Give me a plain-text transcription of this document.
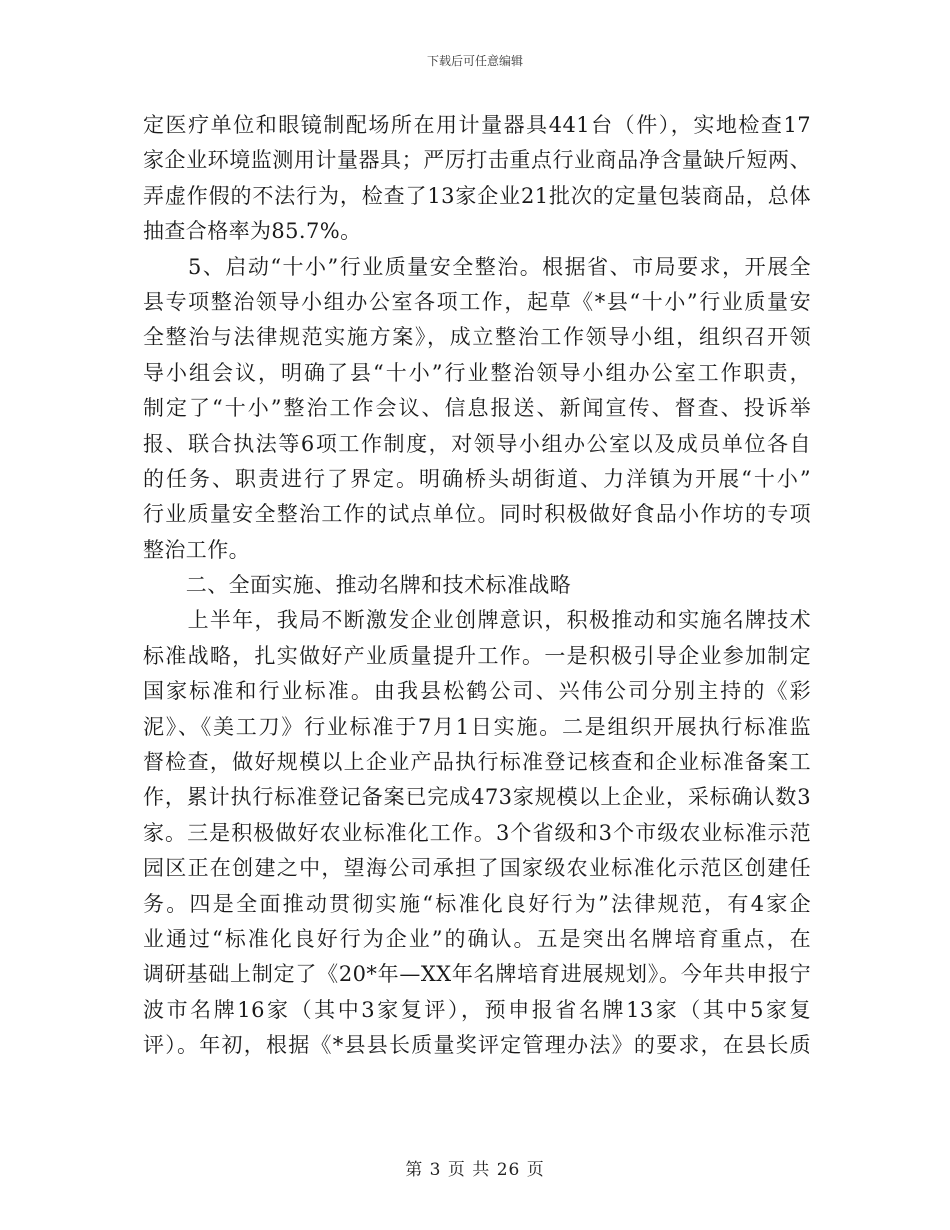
下载后可任意编辑
定医疗单位和眼镜制配场所在用计量器具441台（件），实地检查17
家企业环境监测用计量器具；严厉打击重点行业商品净含量缺斤短两、
弄虚作假的不法行为，检查了13家企业21批次的定量包装商品，总体
抽查合格率为85.7%。
　　5、启动“十小”行业质量安全整治。根据省、市局要求，开展全
县专项整治领导小组办公室各项工作，起草《*县“十小”行业质量安
全整治与法律规范实施方案》，成立整治工作领导小组，组织召开领
导小组会议，明确了县“十小”行业整治领导小组办公室工作职责，
制定了“十小”整治工作会议、信息报送、新闻宣传、督查、投诉举
报、联合执法等6项工作制度，对领导小组办公室以及成员单位各自
的任务、职责进行了界定。明确桥头胡街道、力洋镇为开展“十小”
行业质量安全整治工作的试点单位。同时积极做好食品小作坊的专项
整治工作。
　　二、全面实施、推动名牌和技术标准战略
　　上半年，我局不断激发企业创牌意识，积极推动和实施名牌技术
标准战略，扎实做好产业质量提升工作。一是积极引导企业参加制定
国家标准和行业标准。由我县松鹤公司、兴伟公司分别主持的《彩
泥》、《美工刀》行业标准于7月1日实施。二是组织开展执行标准监
督检查，做好规模以上企业产品执行标准登记核查和企业标准备案工
作，累计执行标准登记备案已完成473家规模以上企业，采标确认数3
家。三是积极做好农业标准化工作。3个省级和3个市级农业标准示范
园区正在创建之中，望海公司承担了国家级农业标准化示范区创建任
务。四是全面推动贯彻实施“标准化良好行为”法律规范，有4家企
业通过“标准化良好行为企业”的确认。五是突出名牌培育重点，在
调研基础上制定了《20*年—XX年名牌培育进展规划》。今年共申报宁
波市名牌16家（其中3家复评），预申报省名牌13家（其中5家复
评）。年初，根据《*县县长质量奖评定管理办法》的要求，在县长质
第 3 页 共 26 页
